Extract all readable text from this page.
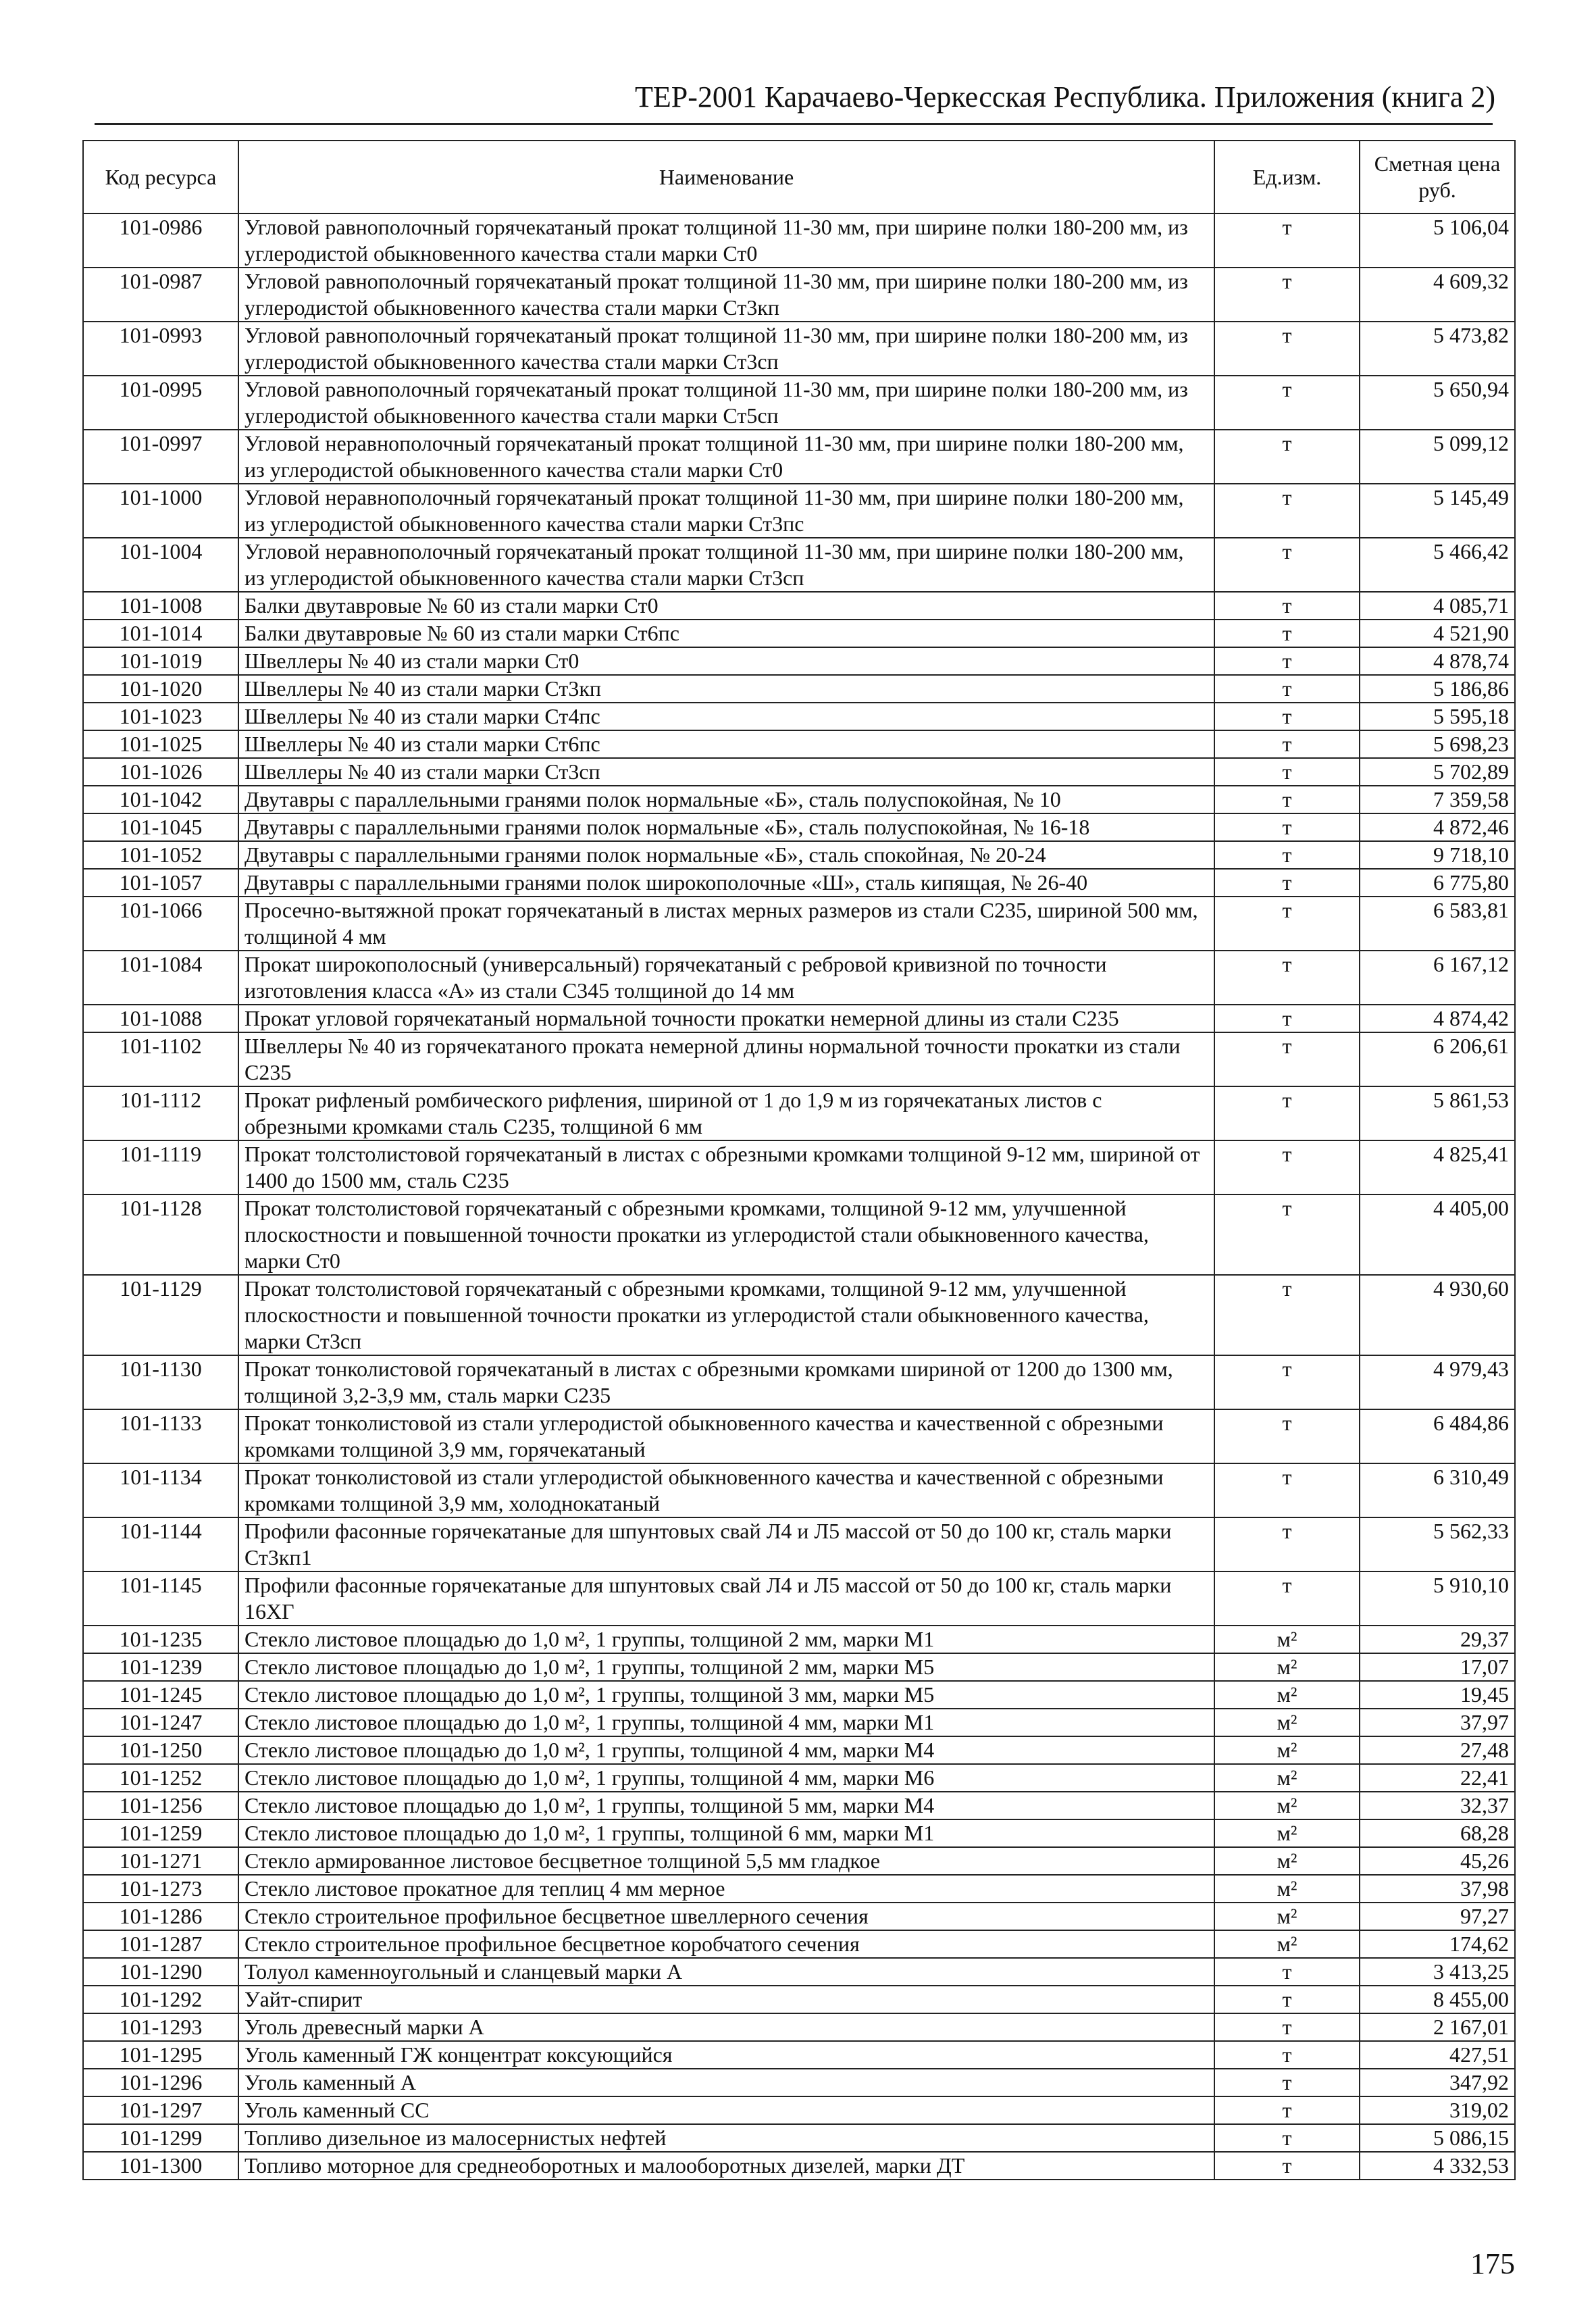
ТЕР-2001 Карачаево-Черкесская Республика. Приложения (книга 2)
Код ресурса	Наименование	Ед.изм.	Сметная цена руб.
101-0986	Угловой равнополочный горячекатаный прокат толщиной 11-30 мм, при ширине полки 180-200 мм, из углеродистой обыкновенного качества стали марки Ст0	т	5 106,04
101-0987	Угловой равнополочный горячекатаный прокат толщиной 11-30 мм, при ширине полки 180-200 мм, из углеродистой обыкновенного качества стали марки Ст3кп	т	4 609,32
101-0993	Угловой равнополочный горячекатаный прокат толщиной 11-30 мм, при ширине полки 180-200 мм, из углеродистой обыкновенного качества стали марки Ст3сп	т	5 473,82
101-0995	Угловой равнополочный горячекатаный прокат толщиной 11-30 мм, при ширине полки 180-200 мм, из углеродистой обыкновенного качества стали марки Ст5сп	т	5 650,94
101-0997	Угловой неравнополочный горячекатаный прокат толщиной 11-30 мм, при ширине полки 180-200 мм, из углеродистой обыкновенного качества стали марки Ст0	т	5 099,12
101-1000	Угловой неравнополочный горячекатаный прокат толщиной 11-30 мм, при ширине полки 180-200 мм, из углеродистой обыкновенного качества стали марки Ст3пс	т	5 145,49
101-1004	Угловой неравнополочный горячекатаный прокат толщиной 11-30 мм, при ширине полки 180-200 мм, из углеродистой обыкновенного качества стали марки Ст3сп	т	5 466,42
101-1008	Балки двутавровые № 60 из стали марки Ст0	т	4 085,71
101-1014	Балки двутавровые № 60 из стали марки Ст6пс	т	4 521,90
101-1019	Швеллеры № 40 из стали марки Ст0	т	4 878,74
101-1020	Швеллеры № 40 из стали марки Ст3кп	т	5 186,86
101-1023	Швеллеры № 40 из стали марки Ст4пс	т	5 595,18
101-1025	Швеллеры № 40 из стали марки Ст6пс	т	5 698,23
101-1026	Швеллеры № 40 из стали марки Ст3сп	т	5 702,89
101-1042	Двутавры с параллельными гранями полок нормальные «Б», сталь полуспокойная, № 10	т	7 359,58
101-1045	Двутавры с параллельными гранями полок нормальные «Б», сталь полуспокойная, № 16-18	т	4 872,46
101-1052	Двутавры с параллельными гранями полок нормальные «Б», сталь спокойная, № 20-24	т	9 718,10
101-1057	Двутавры с параллельными гранями полок широкополочные «Ш», сталь кипящая, № 26-40	т	6 775,80
101-1066	Просечно-вытяжной прокат горячекатаный в листах мерных размеров из стали С235, шириной 500 мм, толщиной 4 мм	т	6 583,81
101-1084	Прокат широкополосный (универсальный) горячекатаный с ребровой кривизной по точности изготовления класса «А» из стали С345 толщиной до 14 мм	т	6 167,12
101-1088	Прокат угловой горячекатаный нормальной точности прокатки немерной длины из стали С235	т	4 874,42
101-1102	Швеллеры № 40 из горячекатаного проката немерной длины нормальной точности прокатки из стали С235	т	6 206,61
101-1112	Прокат рифленый ромбического рифления, шириной от 1 до 1,9 м из горячекатаных листов с обрезными кромками сталь С235, толщиной 6 мм	т	5 861,53
101-1119	Прокат толстолистовой горячекатаный в листах с обрезными кромками толщиной 9-12 мм, шириной от 1400 до 1500 мм, сталь С235	т	4 825,41
101-1128	Прокат толстолистовой горячекатаный с обрезными кромками, толщиной 9-12 мм, улучшенной плоскостности и повышенной точности прокатки из углеродистой стали обыкновенного качества, марки Ст0	т	4 405,00
101-1129	Прокат толстолистовой горячекатаный с обрезными кромками, толщиной 9-12 мм, улучшенной плоскостности и повышенной точности прокатки из углеродистой стали обыкновенного качества, марки Ст3сп	т	4 930,60
101-1130	Прокат тонколистовой горячекатаный в листах с обрезными кромками шириной от 1200 до 1300 мм, толщиной 3,2-3,9 мм, сталь марки С235	т	4 979,43
101-1133	Прокат тонколистовой из стали углеродистой обыкновенного качества и качественной с обрезными кромками толщиной 3,9 мм, горячекатаный	т	6 484,86
101-1134	Прокат тонколистовой из стали углеродистой обыкновенного качества и качественной с обрезными кромками толщиной 3,9 мм, холоднокатаный	т	6 310,49
101-1144	Профили фасонные горячекатаные для шпунтовых свай Л4 и Л5 массой от 50 до 100 кг, сталь марки Ст3кп1	т	5 562,33
101-1145	Профили фасонные горячекатаные для шпунтовых свай Л4 и Л5 массой от 50 до 100 кг, сталь марки 16ХГ	т	5 910,10
101-1235	Стекло листовое площадью до 1,0 м², 1 группы, толщиной 2 мм, марки М1	м²	29,37
101-1239	Стекло листовое площадью до 1,0 м², 1 группы, толщиной 2 мм, марки М5	м²	17,07
101-1245	Стекло листовое площадью до 1,0 м², 1 группы, толщиной 3 мм, марки М5	м²	19,45
101-1247	Стекло листовое площадью до 1,0 м², 1 группы, толщиной 4 мм, марки М1	м²	37,97
101-1250	Стекло листовое площадью до 1,0 м², 1 группы, толщиной 4 мм, марки М4	м²	27,48
101-1252	Стекло листовое площадью до 1,0 м², 1 группы, толщиной 4 мм, марки М6	м²	22,41
101-1256	Стекло листовое площадью до 1,0 м², 1 группы, толщиной 5 мм, марки М4	м²	32,37
101-1259	Стекло листовое площадью до 1,0 м², 1 группы, толщиной 6 мм, марки М1	м²	68,28
101-1271	Стекло армированное листовое бесцветное толщиной 5,5 мм гладкое	м²	45,26
101-1273	Стекло листовое прокатное для теплиц 4 мм мерное	м²	37,98
101-1286	Стекло строительное профильное бесцветное швеллерного сечения	м²	97,27
101-1287	Стекло строительное профильное бесцветное коробчатого сечения	м²	174,62
101-1290	Толуол каменноугольный и сланцевый марки А	т	3 413,25
101-1292	Уайт-спирит	т	8 455,00
101-1293	Уголь древесный марки А	т	2 167,01
101-1295	Уголь каменный ГЖ концентрат коксующийся	т	427,51
101-1296	Уголь каменный А	т	347,92
101-1297	Уголь каменный СС	т	319,02
101-1299	Топливо дизельное из малосернистых нефтей	т	5 086,15
101-1300	Топливо моторное для среднеоборотных и малооборотных дизелей, марки ДТ	т	4 332,53
175
